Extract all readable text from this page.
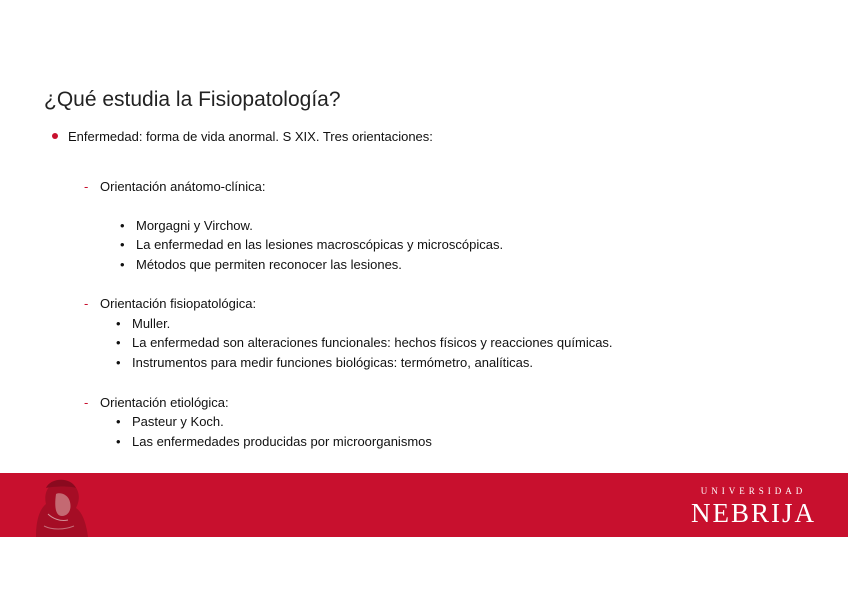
¿Qué estudia la Fisiopatología?
Enfermedad: forma de vida anormal. S XIX. Tres orientaciones:
- Orientación anátomo-clínica:
• Morgagni y Virchow.
• La enfermedad en las lesiones macroscópicas y microscópicas.
• Métodos que permiten reconocer las lesiones.
- Orientación fisiopatológica:
• Muller.
• La enfermedad son alteraciones funcionales: hechos físicos y reacciones químicas.
• Instrumentos para medir funciones biológicas: termómetro, analíticas.
- Orientación etiológica:
• Pasteur y Koch.
• Las enfermedades producidas por microorganismos
UNIVERSIDAD
NEBRIJA
